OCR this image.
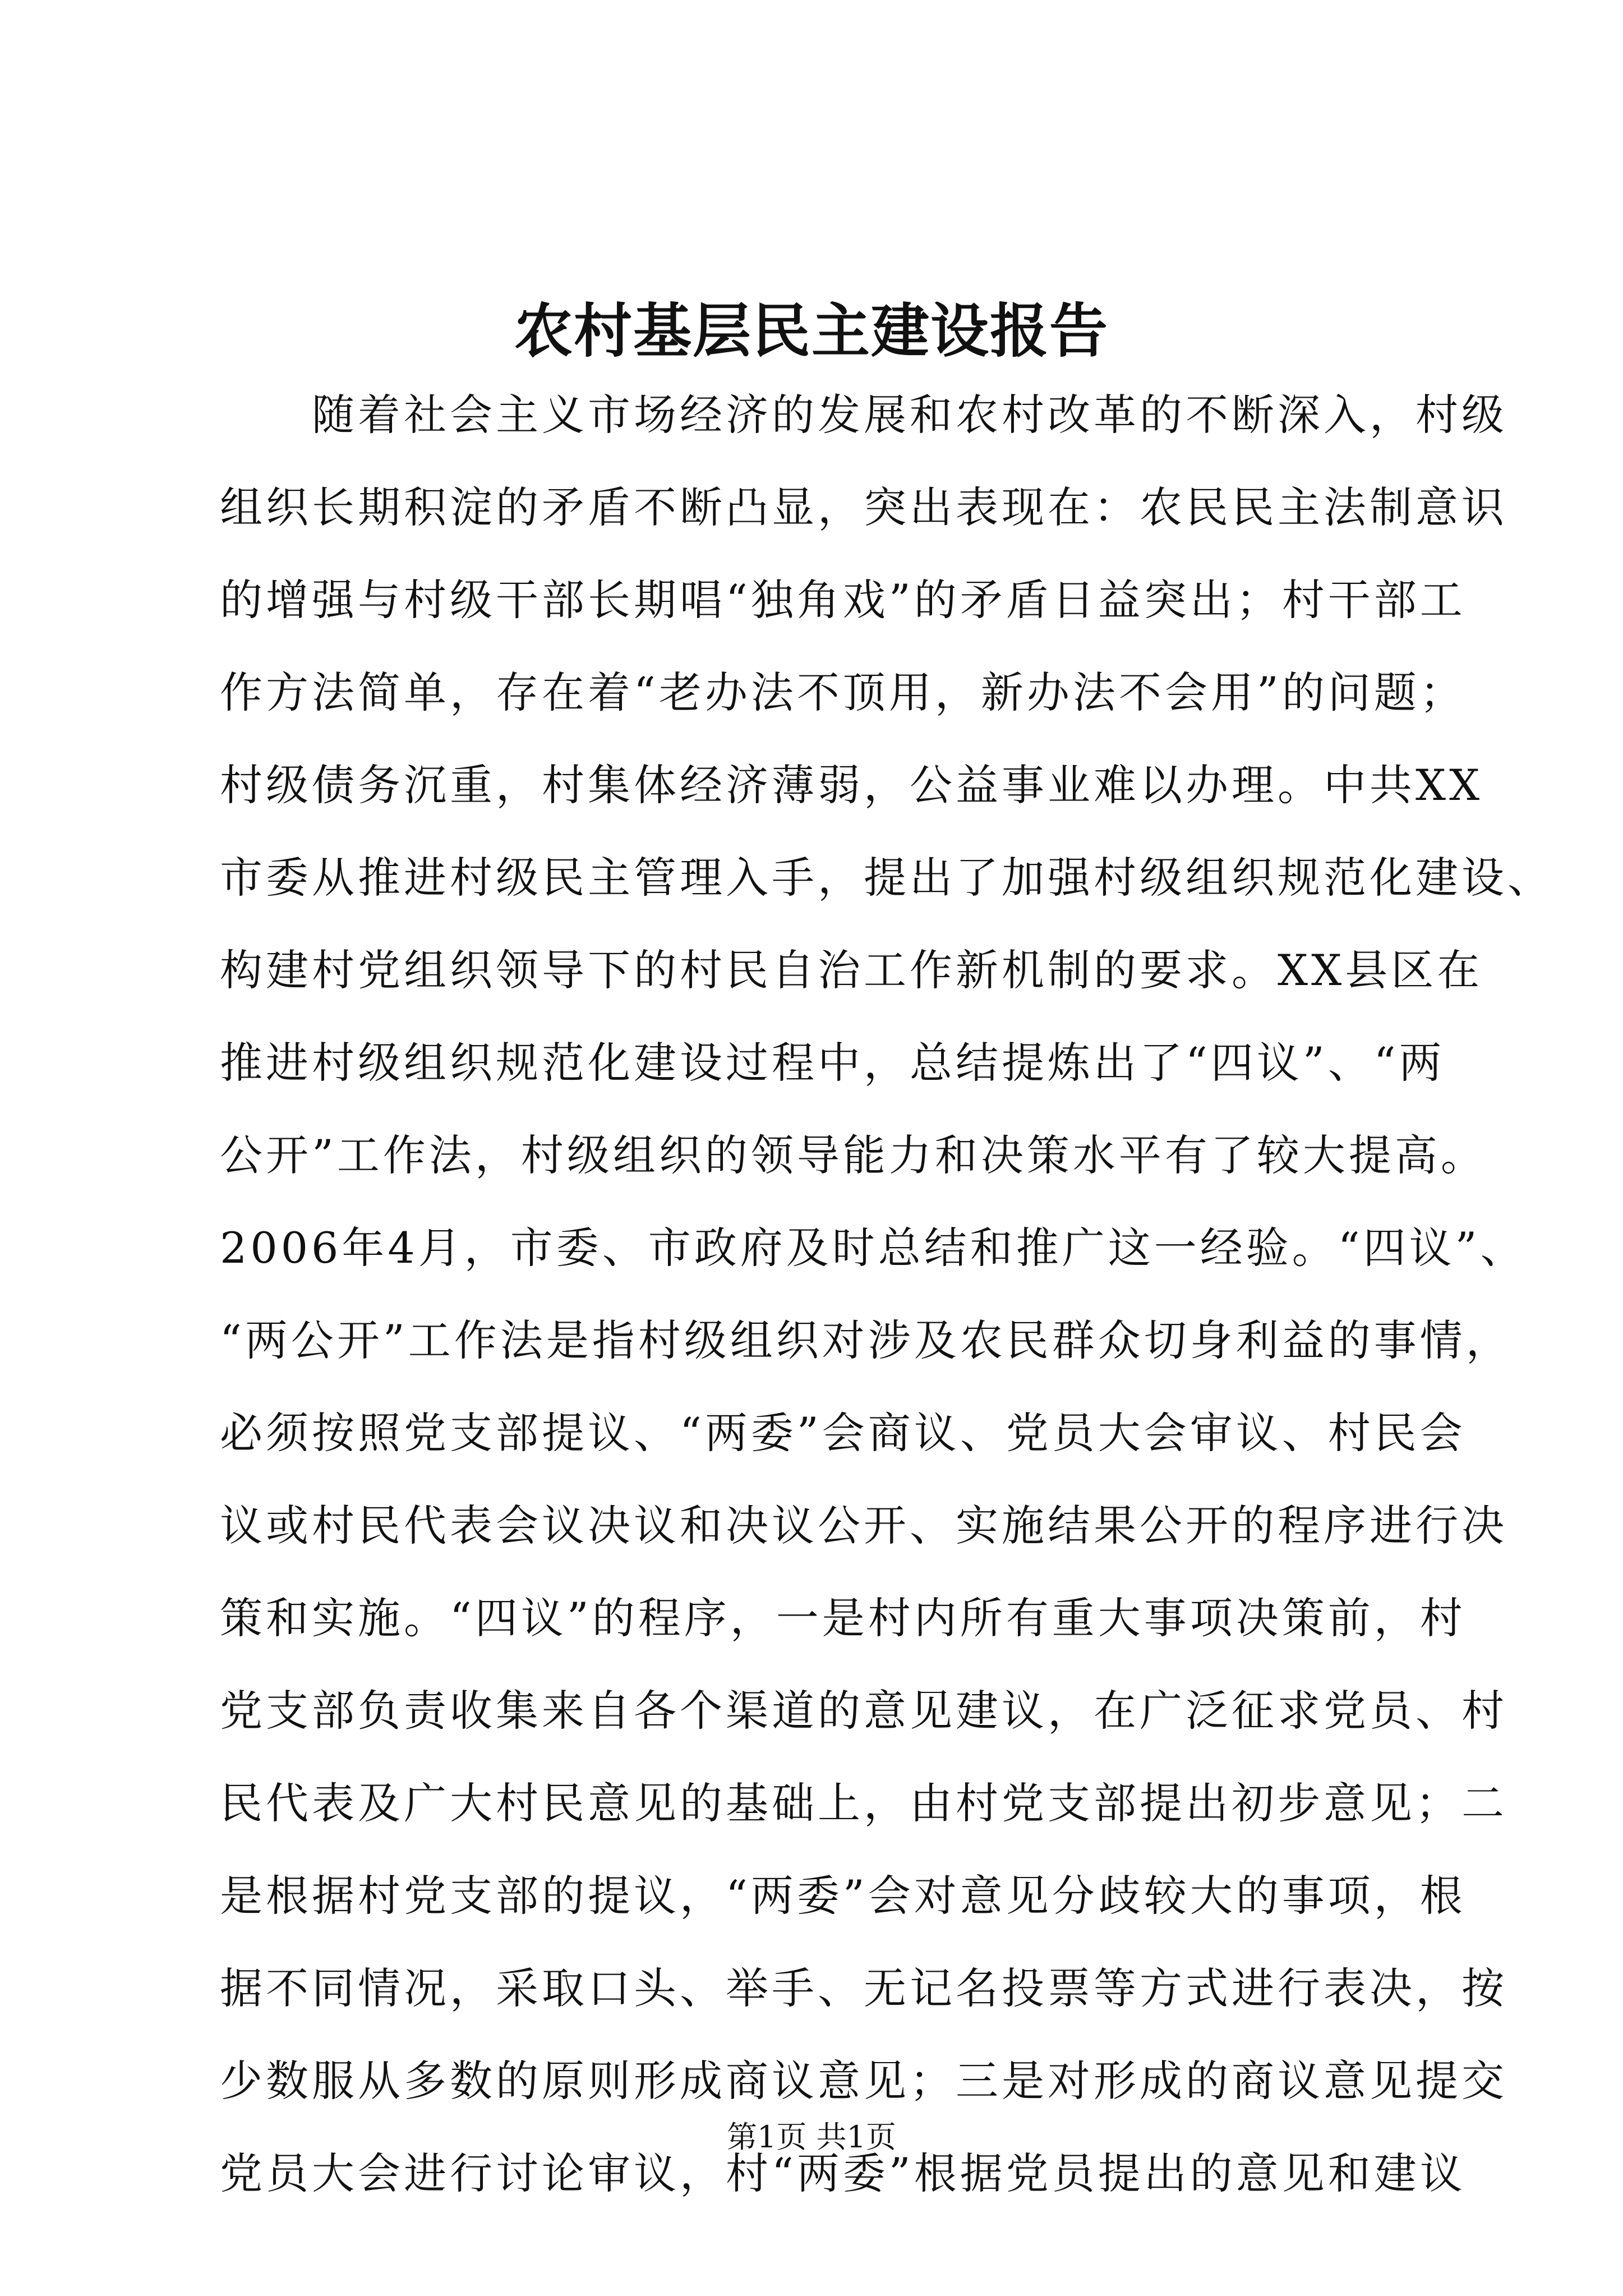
农村基层民主建设报告
　　随着社会主义市场经济的发展和农村改革的不断深入，村级
组织长期积淀的矛盾不断凸显，突出表现在：农民民主法制意识
的增强与村级干部长期唱“独角戏”的矛盾日益突出；村干部工
作方法简单，存在着“老办法不顶用，新办法不会用”的问题；
村级债务沉重，村集体经济薄弱，公益事业难以办理。中共XX
市委从推进村级民主管理入手，提出了加强村级组织规范化建设、
构建村党组织领导下的村民自治工作新机制的要求。XX县区在
推进村级组织规范化建设过程中，总结提炼出了“四议”、“两
公开”工作法，村级组织的领导能力和决策水平有了较大提高。
2006年4月，市委、市政府及时总结和推广这一经验。“四议”、
“两公开”工作法是指村级组织对涉及农民群众切身利益的事情，
必须按照党支部提议、“两委”会商议、党员大会审议、村民会
议或村民代表会议决议和决议公开、实施结果公开的程序进行决
策和实施。“四议”的程序，一是村内所有重大事项决策前，村
党支部负责收集来自各个渠道的意见建议，在广泛征求党员、村
民代表及广大村民意见的基础上，由村党支部提出初步意见；二
是根据村党支部的提议，“两委”会对意见分歧较大的事项，根
据不同情况，采取口头、举手、无记名投票等方式进行表决，按
少数服从多数的原则形成商议意见；三是对形成的商议意见提交
党员大会进行讨论审议，村“两委”根据党员提出的意见和建议
第1页 共1页
